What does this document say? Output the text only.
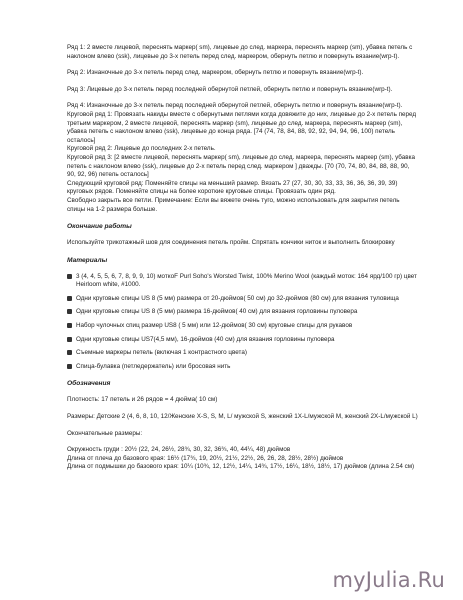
Ряд 1: 2 вместе лицевой, переснять маркер( sm), лицевые до след. маркера, переснять маркер (sm), убавка петель с наклоном влево (ssk), лицевые до 3-х петель перед след. маркером, обернуть петлю и повернуть вязание(wrp-t).

Ряд 2: Изнаночные до 3-х петель перед след. маркером, обернуть петлю и повернуть вязание(wrp-t).

Ряд 3: Лицевые до 3-х петель перед последней обернутой петлей, обернуть петлю и повернуть вязание(wrp-t).

Ряд 4: Изнаночные до 3-х петель перед последней обернутой петлей, обернуть петлю и повернуть вязание(wrp-t).

Круговой ряд 1: Провязать накиды вместе с обернутыми петлями когда довяжите до них, лицевые до 2-х петель перед третьим маркером, 2 вместе лицевой, переснять маркер (sm), лицевые до след. маркера, переснять маркер (sm), убавка петель с наклоном влево (ssk), лицевые до конца ряда. [74 (74, 78, 84, 88, 92, 92, 94, 94, 96, 100) петель осталось]

Круговой ряд 2: Лицевые до последних 2-х петель.

Круговой ряд 3: [2 вместе лицевой, переснять маркер( sm), лицевые до след. маркера, переснять маркер (sm), убавка петель с наклоном влево (ssk), лицевые до 2-х петель перед след. маркером ] дважды. [70 (70, 74, 80, 84, 88, 88, 90, 90, 92, 96) петель осталось]

Следующий круговой ряд: Поменяйте спицы на меньший размер. Вязать 27 (27, 30, 30, 33, 33, 36, 36, 36, 39, 39) круговых рядов. Поменяйте спицы на более короткие круговые спицы. Провязать один ряд.

Свободно закрыть все петли. Примечание: Если вы вяжете очень туго, можно использовать для закрытия петель спицы на 1-2 размера больше.

Окончание работы

Используйте трикотажный шов для соединения петель пройм. Спрятать кончики ниток и выполнить блокировку

Материалы
3 (4, 4, 5, 5, 6, 7, 8, 9, 9, 10) моткоF Purl Soho's Worsted Twist, 100% Merino Wool (каждый моток: 164 ярд/100 гр) цвет Heirloom white, #1000.
Одни круговые спицы US 8 (5 мм) размера от 20-дюймов( 50 см) до 32-дюймов (80 см) для вязания туловища
Одни круговые спицы US 8 (5 мм) размера 16-дюймов( 40 см) для вязания горловины пуловера
Набор чулочных спиц размер US8 ( 5 мм) или 12-дюймов( 30 см) круговые спицы для рукавов
Одни круговые спицы US7(4,5 мм), 16-дюймов (40 см) для вязания горловины пуловера
Съемные маркеры петель (включая 1 контрастного цвета)
Спица-булавка (петледержатель) или бросовая нить
Обозначения

Плотность: 17 петель и 26 рядов = 4 дюйма( 10 см)

Размеры: Детские 2 (4, 6, 8, 10, 12/Женские X-S, S, M, L/ мужской S, женский 1X-L/мужской M, женский 2X-L/мужской L)

Окончательные размеры:

Окружность груди : 20½ (22, 24, 26½, 28¾, 30, 32, 36¾, 40, 44¼, 48) дюймов

Длина от плеча до базового края: 16½ (17¾, 19, 20½, 21½, 22½, 26, 26, 28, 28½, 28½) дюймов

Длина от подмышки до базового края: 10¼ (10¾, 12, 12½, 14¼, 14¾, 17½, 16¼, 18½, 18½, 17) дюймов (длина 2.54 см)

myJulia.Ru
